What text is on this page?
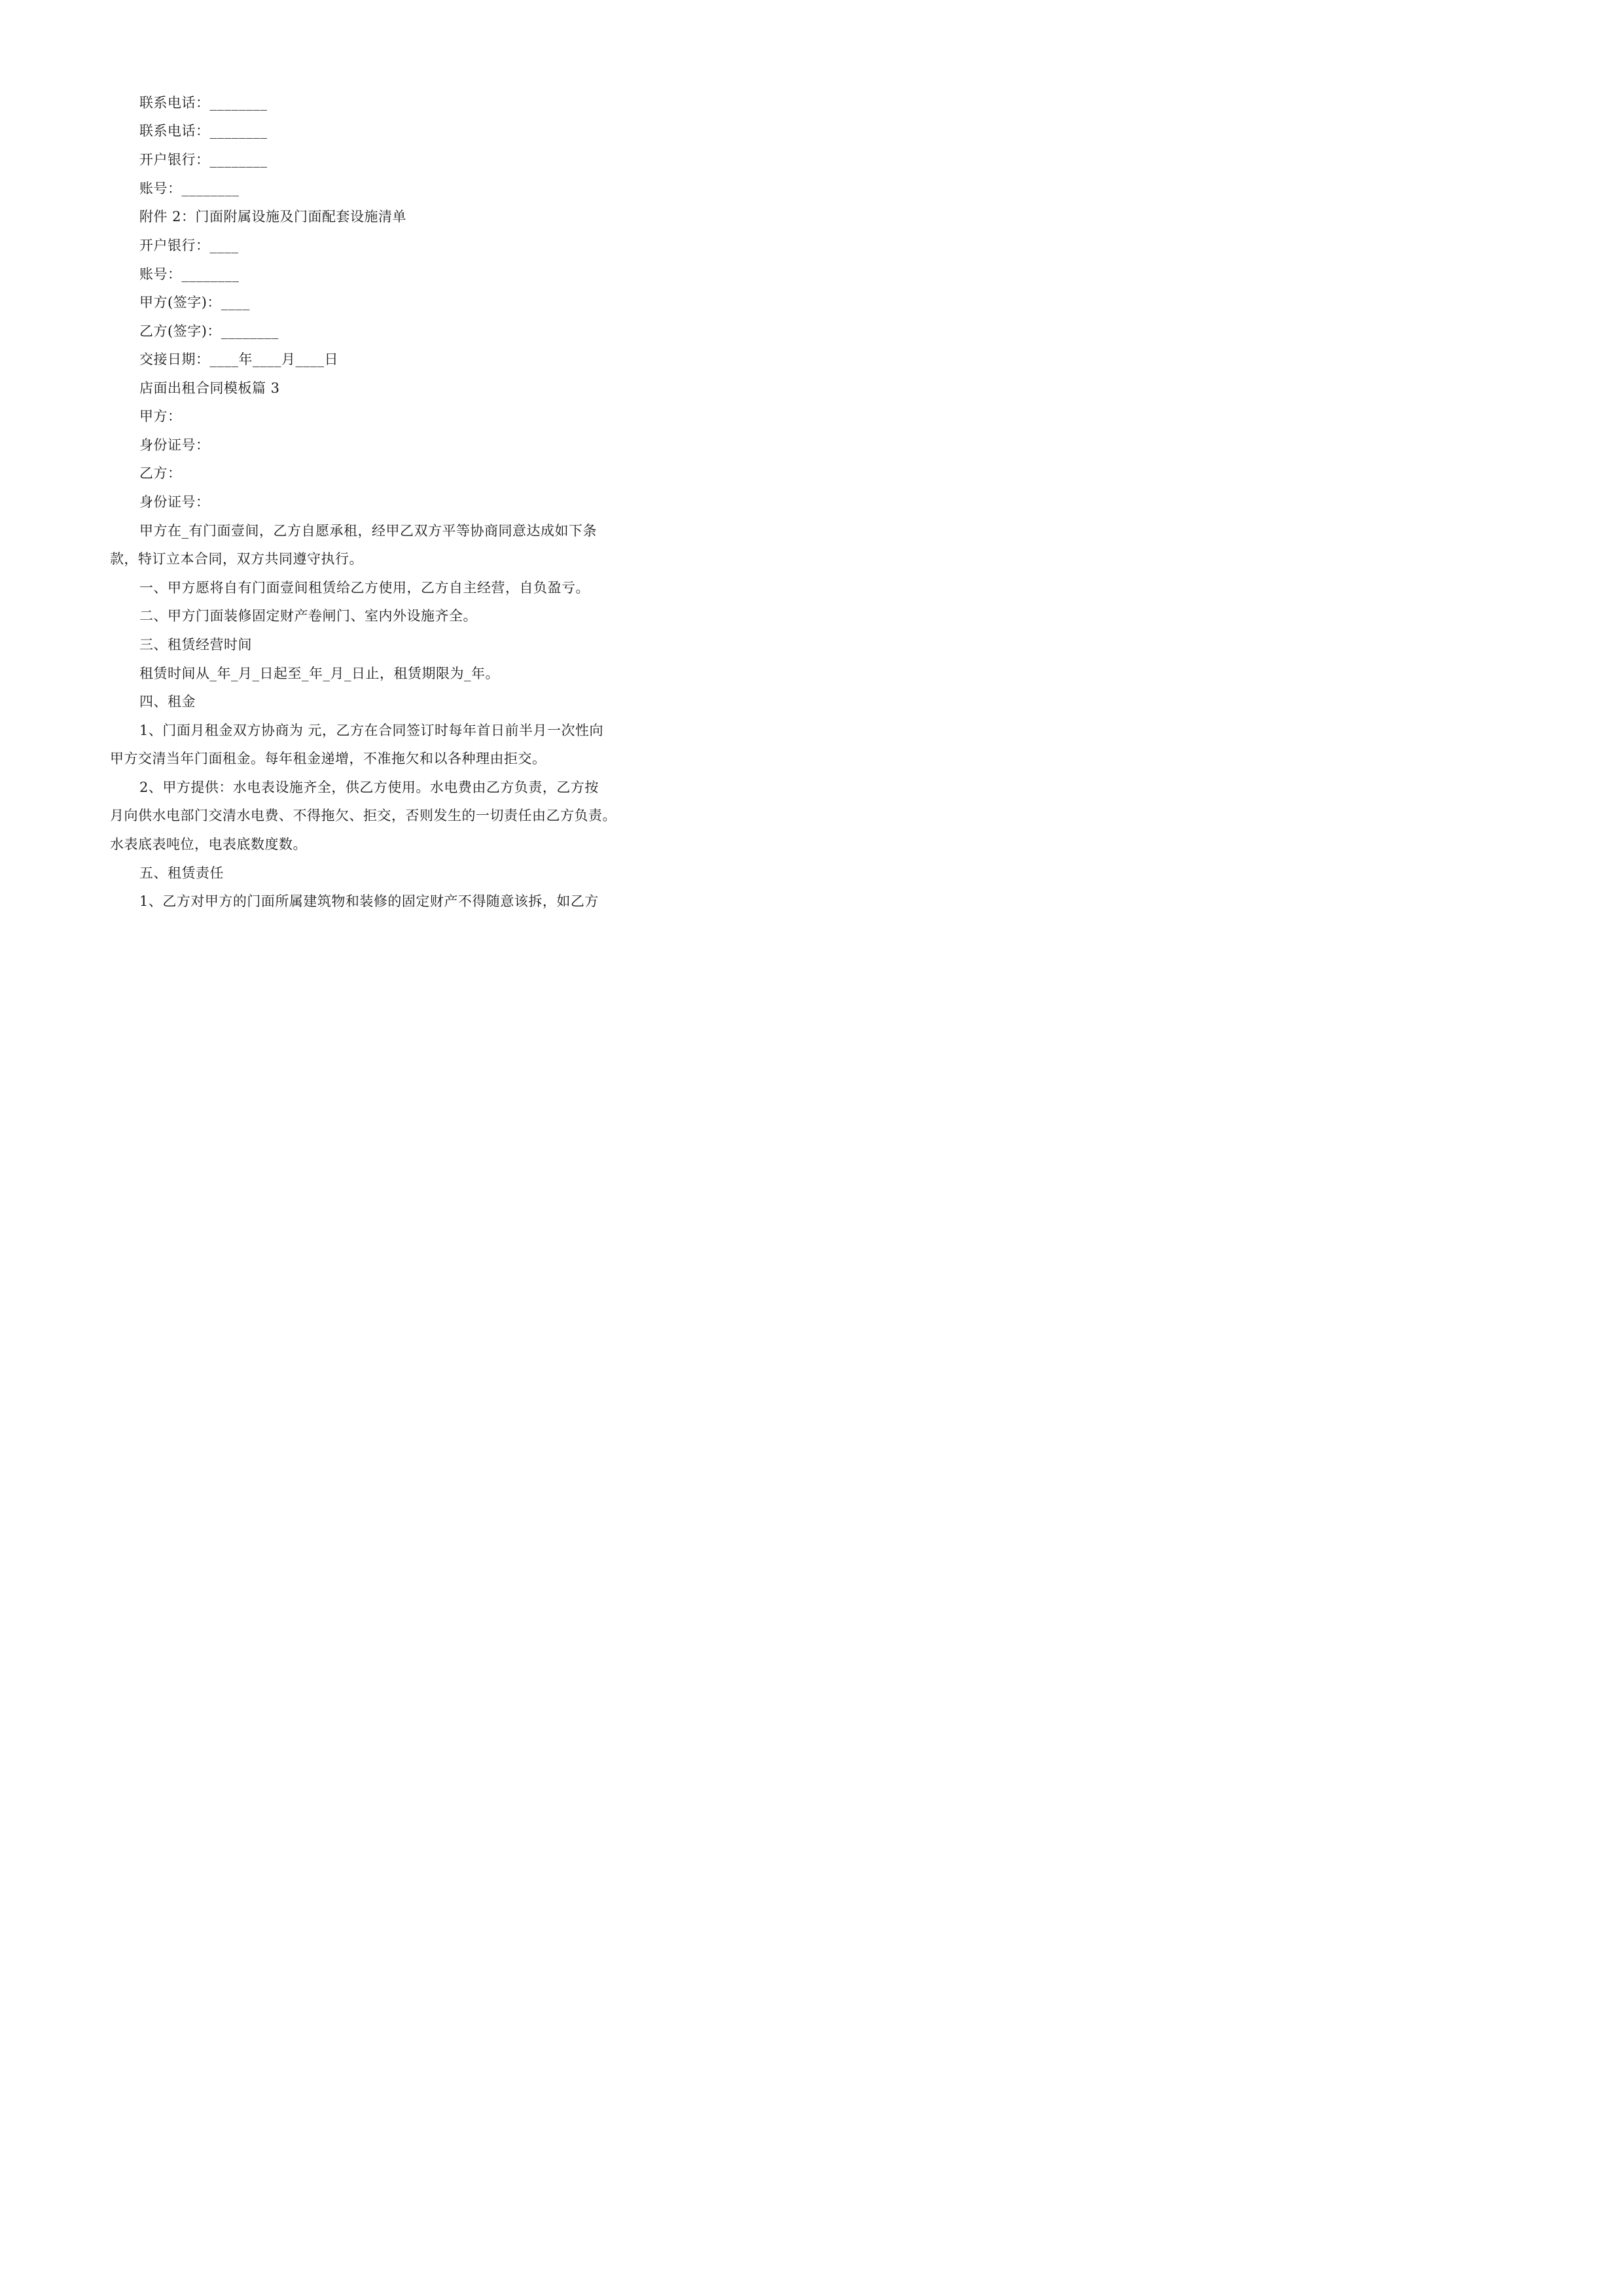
联系电话：________
联系电话：________
开户银行：________
账号：________
附件 2：门面附属设施及门面配套设施清单
开户银行：____
账号：________
甲方(签字)：____
乙方(签字)：________
交接日期：____年____月____日
店面出租合同模板篇 3
甲方：
身份证号：
乙方：
身份证号：
甲方在_有门面壹间，乙方自愿承租，经甲乙双方平等协商同意达成如下条
款，特订立本合同，双方共同遵守执行。
一、甲方愿将自有门面壹间租赁给乙方使用，乙方自主经营，自负盈亏。
二、甲方门面装修固定财产卷闸门、室内外设施齐全。
三、租赁经营时间
租赁时间从_年_月_日起至_年_月_日止，租赁期限为_年。
四、租金
1、门面月租金双方协商为 元，乙方在合同签订时每年首日前半月一次性向
甲方交清当年门面租金。每年租金递增，不准拖欠和以各种理由拒交。
2、甲方提供：水电表设施齐全，供乙方使用。水电费由乙方负责，乙方按
月向供水电部门交清水电费、不得拖欠、拒交，否则发生的一切责任由乙方负责。
水表底表吨位，电表底数度数。
五、租赁责任
1、乙方对甲方的门面所属建筑物和装修的固定财产不得随意该拆，如乙方
